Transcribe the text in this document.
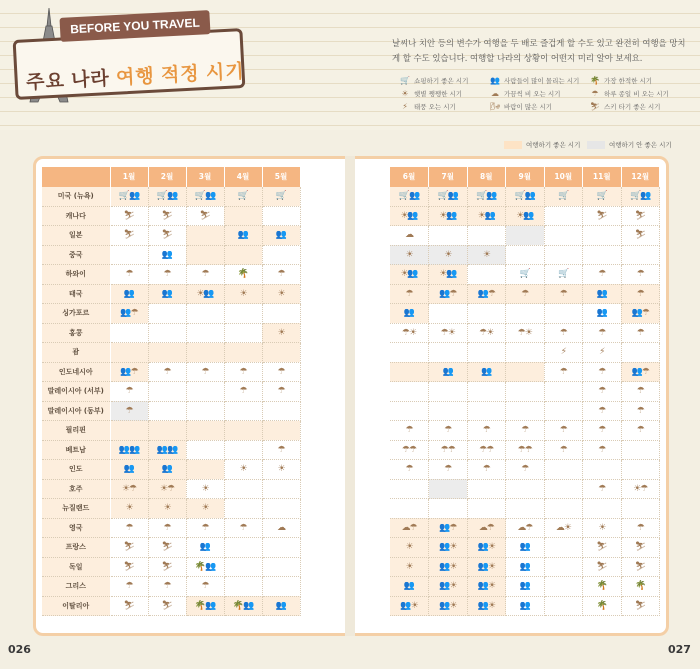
BEFORE YOU TRAVEL
주요 나라 여행 적정 시기
날씨나 치안 등의 변수가 여행을 두 배로 즐겁게 할 수도 있고 완전히 여행을 망치게 할 수도 있습니다. 여행할 나라의 상황이 어떤지 미리 알아 보세요.
🛒 쇼핑하기 좋은 시기	👥 사람들이 많이 몰리는 시기 🌴 가장 한적한 시기
☀ 햇볕 쨍쨍한 시기	☁ 가끔씩 비 오는 시기	☂ 하루 종일 비 오는 시기
⚡ 태풍 오는 시기	🌬 바람이 많은 시기	⛷ 스키 타기 좋은 시기
여행하기 좋은 시기	여행하기 안 좋은 시기
	1월	2월	3월	4월	5월
미국 (뉴욕)	🛒👥	🛒👥	🛒👥	🛒	🛒
캐나다	⛷	⛷	⛷		
일본	⛷	⛷		👥	👥
중국		👥			
하와이	☂	☂	☂	🌴	☂
태국	👥	👥	☀👥	☀	☀
싱가포르	👥☂				
홍콩					☀
괌					
인도네시아	👥☂	☂	☂	☂	☂
말레이시아 (서부)	☂			☂	☂
말레이시아 (동부)	☂				
필리핀					
베트남	👥👥	👥👥			☂
인도	👥	👥		☀	☀
호주	☀☂	☀☂	☀		
뉴질랜드	☀	☀	☀		
영국	☂	☂	☂	☂	☁
프랑스	⛷	⛷	👥		
독일	⛷	⛷	🌴👥		
그리스	☂	☂	☂		
이탈리아	⛷	⛷	🌴👥	🌴👥	👥
6월	7월	8월	9월	10월	11월	12월
🛒👥	🛒👥	🛒👥	🛒👥	🛒	🛒	🛒👥
☀👥	☀👥	☀👥	☀👥		⛷	⛷
☁						⛷
☀	☀	☀				
☀👥	☀👥		🛒	🛒	☂	☂
☂	👥☂	👥☂	☂	☂	👥	☂
👥					👥	👥☂
☂☀	☂☀	☂☀	☂☀	☂	☂	☂
				⚡	⚡	
	👥	👥		☂	☂	👥☂
					☂	☂
					☂	☂
☂	☂	☂	☂	☂	☂	☂
☂☂	☂☂	☂☂	☂☂	☂	☂	
☂	☂	☂	☂			
					☂	☀☂

☁☂	👥☂	☁☂	☁☂	☁☀	☀	☂
☀	👥☀	👥☀	👥		⛷	⛷
☀	👥☀	👥☀	👥		⛷	⛷
👥	👥☀	👥☀	👥		🌴	🌴
👥☀	👥☀	👥☀	👥		🌴	⛷
026	027
